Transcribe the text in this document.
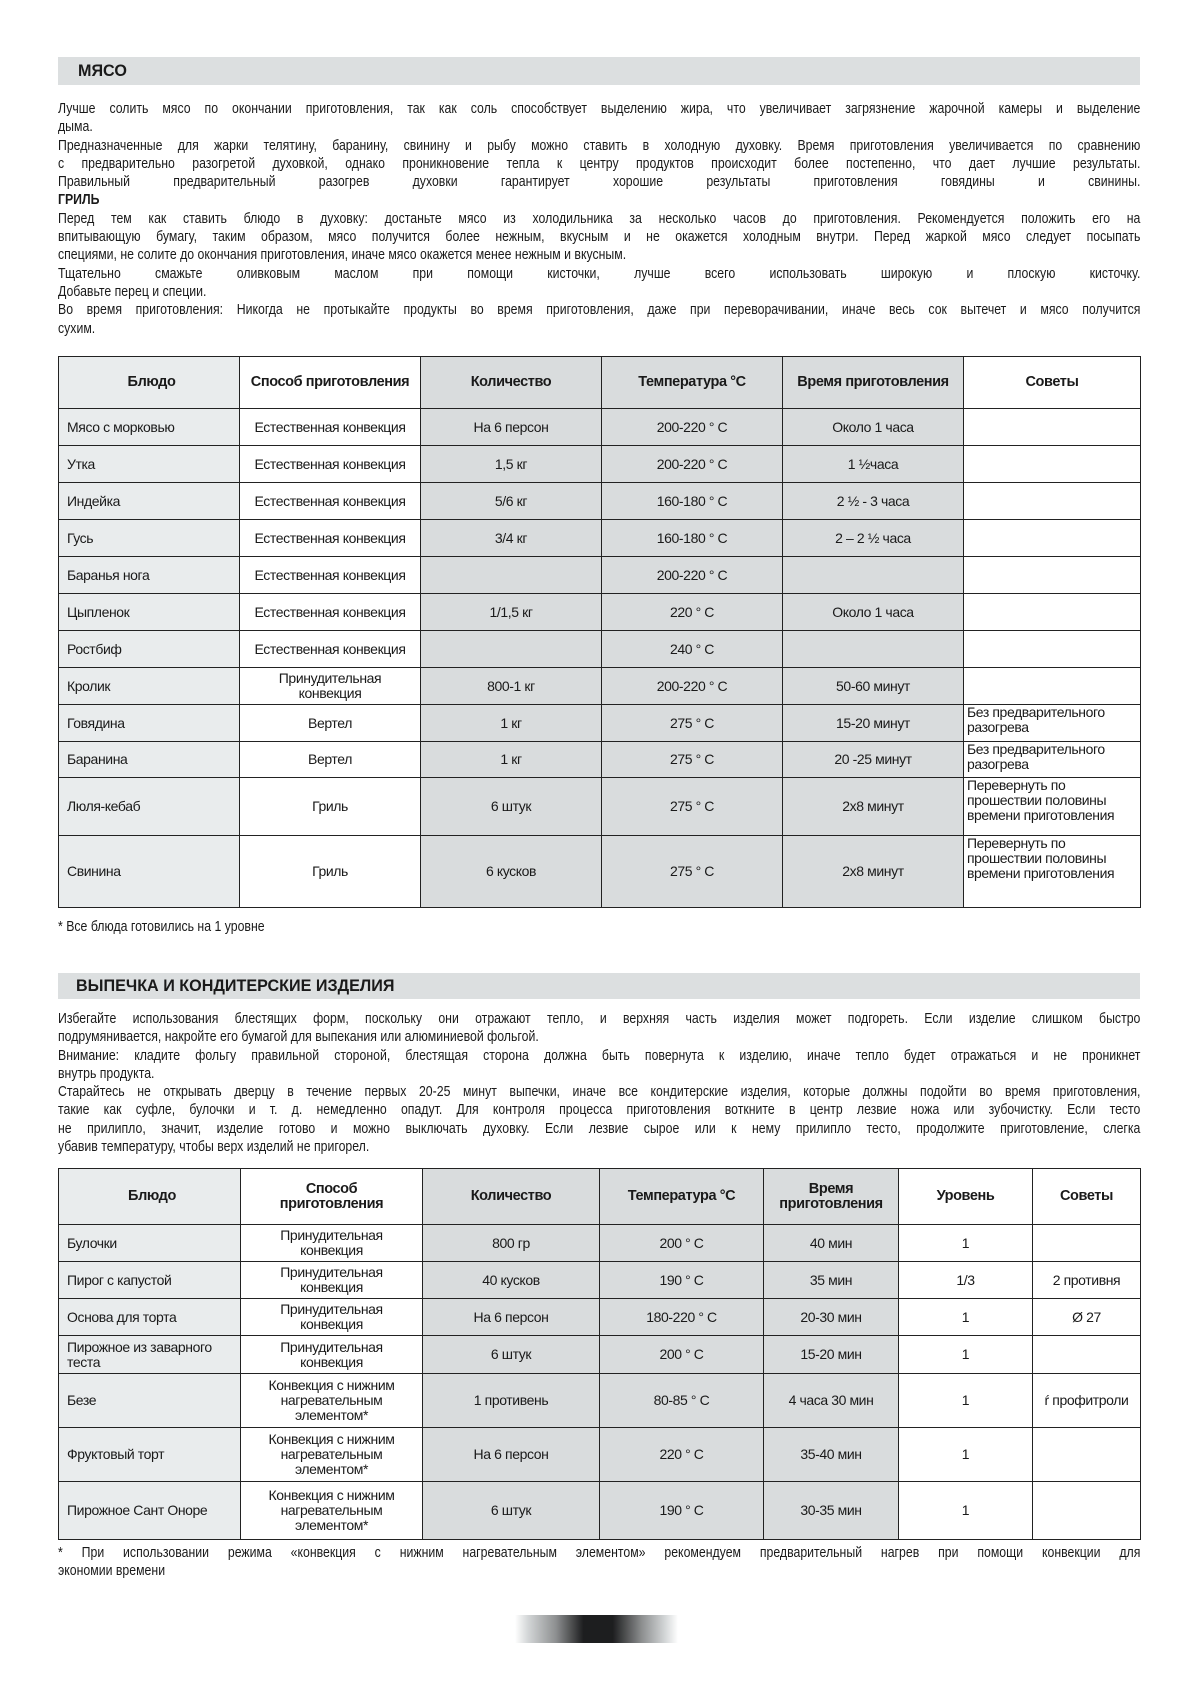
МЯСО
Лучше солить мясо по окончании приготовления, так как соль способствует выделению жира, что увеличивает загрязнение жарочной камеры и выделение
дыма.
Предназначенные для жарки телятину, баранину, свинину и рыбу можно ставить в холодную духовку. Время приготовления увеличивается по сравнению
с предварительно разогретой духовкой, однако проникновение тепла к центру продуктов происходит более постепенно, что дает лучшие результаты.
Правильный предварительный разогрев духовки гарантирует хорошие результаты приготовления говядины и свинины.
ГРИЛЬ
Перед тем как ставить блюдо в духовку: достаньте мясо из холодильника за несколько часов до приготовления. Рекомендуется положить его на
впитывающую бумагу, таким образом, мясо получится более нежным, вкусным и не окажется холодным внутри. Перед жаркой мясо следует посыпать
специями, не солите до окончания приготовления, иначе мясо окажется менее нежным и вкусным.
Тщательно смажьте оливковым маслом при помощи кисточки, лучше всего использовать широкую и плоскую кисточку.
Добавьте перец и специи.
Во время приготовления: Никогда не протыкайте продукты во время приготовления, даже при переворачивании, иначе весь сок вытечет и мясо получится
сухим.
Блюдо	Способ приготовления	Количество	Температура °C	Время приготовления	Советы
Мясо с морковью	Естественная конвекция	На 6 персон	200-220 ° C	Около 1 часа	
Утка	Естественная конвекция	1,5 кг	200-220 ° C	1 ½часа	
Индейка	Естественная конвекция	5/6 кг	160-180 ° C	2 ½ - 3 часа	
Гусь	Естественная конвекция	3/4 кг	160-180 ° C	2 – 2 ½ часа	
Баранья нога	Естественная конвекция		200-220 ° C		
Цыпленок	Естественная конвекция	1/1,5 кг	220 ° C	Около 1 часа	
Ростбиф	Естественная конвекция		240 ° C		
Кролик	Принудительная
конвекция	800-1 кг	200-220 ° C	50-60 минут	
Говядина	Вертел	1 кг	275 ° C	15-20 минут	Без предварительного
разогрева
Баранина	Вертел	1 кг	275 ° C	20 -25 минут	Без предварительного
разогрева
Люля-кебаб	Гриль	6 штук	275 ° C	2x8 минут	Перевернуть по
прошествии половины
времени приготовления
Свинина	Гриль	6 кусков	275 ° C	2x8 минут	Перевернуть по
прошествии половины
времени приготовления
* Все блюда готовились на 1 уровне
ВЫПЕЧКА И КОНДИТЕРСКИЕ ИЗДЕЛИЯ
Избегайте использования блестящих форм, поскольку они отражают тепло, и верхняя часть изделия может подгореть. Если изделие слишком быстро
подрумянивается, накройте его бумагой для выпекания или алюминиевой фольгой.
Внимание: кладите фольгу правильной стороной, блестящая сторона должна быть повернута к изделию, иначе тепло будет отражаться и не проникнет
внутрь продукта.
Старайтесь не открывать дверцу в течение первых 20-25 минут выпечки, иначе все кондитерские изделия, которые должны подойти во время приготовления,
такие как суфле, булочки и т. д. немедленно опадут. Для контроля процесса приготовления воткните в центр лезвие ножа или зубочистку. Если тесто
не прилипло, значит, изделие готово и можно выключать духовку. Если лезвие сырое или к нему прилипло тесто, продолжите приготовление, слегка
убавив температуру, чтобы верх изделий не пригорел.
Блюдо	Способ
приготовления	Количество	Температура °C	Время
приготовления	Уровень	Советы
Булочки	Принудительная
конвекция	800 гр	200 ° C	40 мин	1	
Пирог с капустой	Принудительная
конвекция	40 кусков	190 ° C	35 мин	1/3	2 противня
Основа для торта	Принудительная
конвекция	На 6 персон	180-220 ° C	20-30 мин	1	Ø 27
Пирожное из заварного
теста	Принудительная
конвекция	6 штук	200 ° C	15-20 мин	1	
Безе	Конвекция с нижним
нагревательным
элементом*	1 противень	80-85 ° C	4 часа 30 мин	1	ŕ профитроли
Фруктовый торт	Конвекция с нижним
нагревательным
элементом*	На 6 персон	220 ° C	35-40 мин	1	
Пирожное Сант Оноре	Конвекция с нижним
нагревательным
элементом*	6 штук	190 ° C	30-35 мин	1	
* При использовании режима «конвекция с нижним нагревательным элементом» рекомендуем предварительный нагрев при помощи конвекции для
экономии времени
